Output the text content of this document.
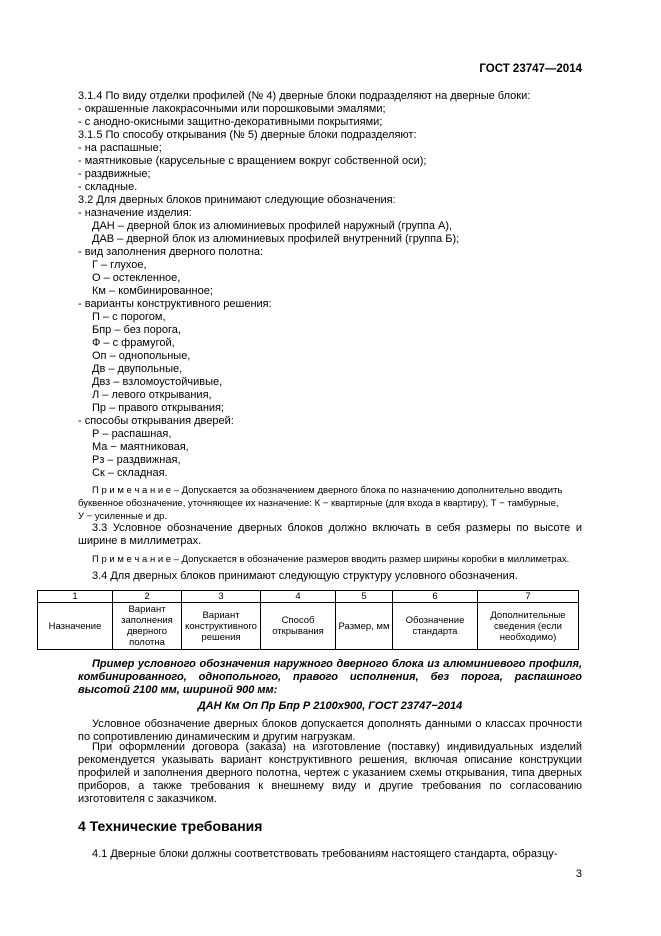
ГОСТ 23747—2014
3.1.4 По виду отделки профилей (№ 4) дверные блоки подразделяют на дверные блоки:
- окрашенные лакокрасочными или порошковыми эмалями;
- с анодно-окисными защитно-декоративными покрытиями;
3.1.5 По способу открывания (№ 5) дверные блоки подразделяют:
- на распашные;
- маятниковые (карусельные с вращением вокруг собственной оси);
- раздвижные;
- складные.
3.2 Для дверных блоков принимают следующие обозначения:
- назначение изделия:
ДАН – дверной блок из алюминиевых профилей наружный (группа А),
ДАВ – дверной блок из алюминиевых профилей внутренний (группа Б);
- вид заполнения дверного полотна:
Г – глухое,
О – остекленное,
Км – комбинированное;
- варианты конструктивного решения:
П – с порогом,
Бпр – без порога,
Ф – с фрамугой,
Оп – однопольные,
Дв – двупольные,
Двз – взломоустойчивые,
Л – левого открывания,
Пр – правого открывания;
- способы открывания дверей:
Р – распашная,
Ма − маятниковая,
Рз – раздвижная,
Ск – складная.
П р и м е ч а н и е – Допускается за обозначением дверного блока по назначению дополнительно вводить
буквенное обозначение, уточняющее их назначение: К − квартирные (для входа в квартиру), Т − тамбурные,
У − усиленные и др.
3.3 Условное обозначение дверных блоков должно включать в себя размеры по высоте и ширине в миллиметрах.
П р и м е ч а н и е – Допускается в обозначение размеров вводить размер ширины коробки в миллиметрах.
3.4 Для дверных блоков принимают следующую структуру условного обозначения.
1	2	3	4	5	6	7
Назначение	Вариант заполнения дверного полотна	Вариант конструктивного решения	Способ открывания	Размер, мм	Обозначение стандарта	Дополнительные сведения (если необходимо)
Пример условного обозначения наружного дверного блока из алюминиевого профиля, комбинированного, однопольного, правого исполнения, без порога, распашного высотой 2100 мм, шириной 900 мм:
ДАН Км Оп Пр Бпр Р 2100х900, ГОСТ 23747−2014
Условное обозначение дверных блоков допускается дополнять данными о классах прочности по сопротивлению динамическим и другим нагрузкам.
При оформлении договора (заказа) на изготовление (поставку) индивидуальных изделий рекомендуется указывать вариант конструктивного решения, включая описание конструкции профилей и заполнения дверного полотна, чертеж с указанием схемы открывания, типа дверных приборов, а также требования к внешнему виду и другие требования по согласованию изготовителя с заказчиком.
4 Технические требования
4.1 Дверные блоки должны соответствовать требованиям настоящего стандарта, образцу-
3
